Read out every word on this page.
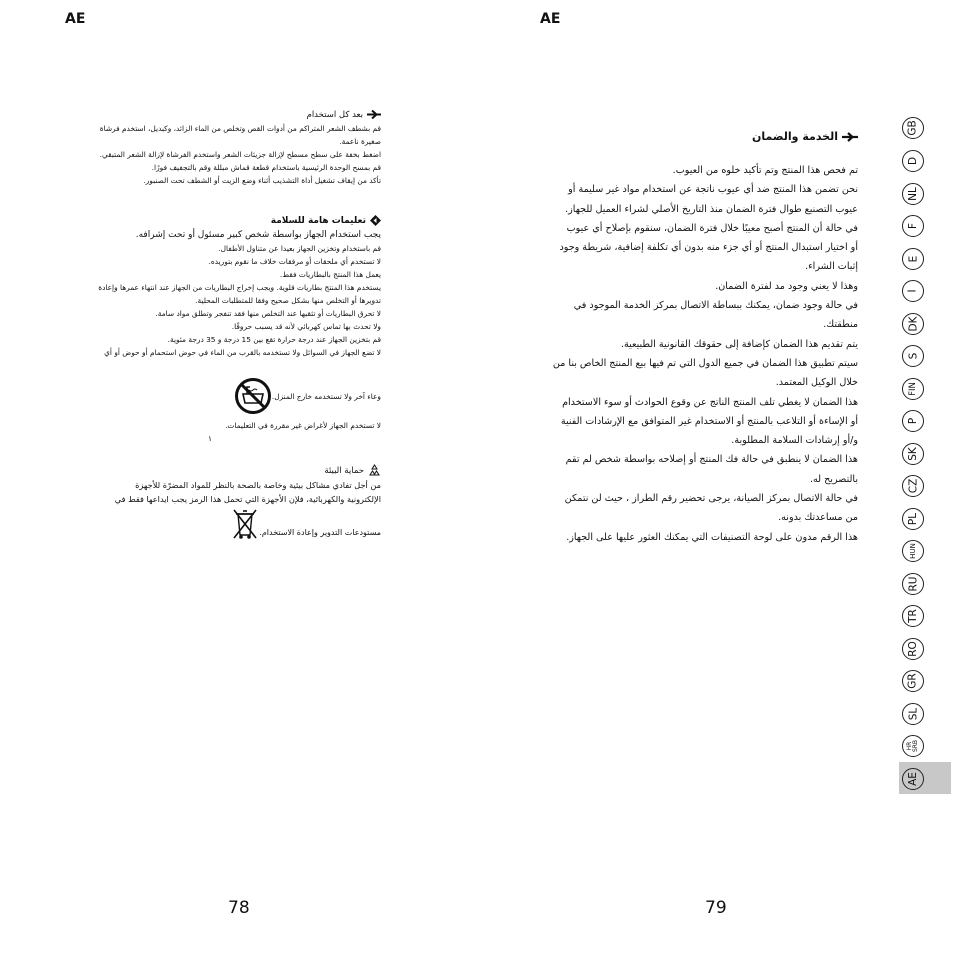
AE
بعد كل استخدام
قم بشطف الشعر المتراكم من أدوات القص وتخلص من الماء الزائد، وكبديل، استخدم فرشاة
صغيرة ناعمة.
اضغط بخفة على سطح مسطح لإزالة جزيئات الشعر واستخدم الفرشاة لإزالة الشعر المتبقي.
قم بمسح الوحدة الرئيسية باستخدام قطعة قماش مبللة وقم بالتجفيف فورًا.
تأكد من إيقاف تشغيل أداة التشذيب أثناء وضع الزيت أو الشطف تحت الصنبور.
تعليمات هامة للسلامة
يجب استخدام الجهاز بواسطة شخص كبير مسئول أو تحت إشرافه.
قم باستخدام وتخزين الجهاز بعيدا عن متناول الأطفال.
لا تستخدم أي ملحقات أو مرفقات خلاف ما نقوم بتوريده.
يعمل هذا المنتج بالبطاريات فقط.
يستخدم هذا المنتج بطاريات قلوية. ويجب إخراج البطاريات من الجهاز عند انتهاء عمرها وإعادة
تدويرها أو التخلص منها بشكل صحيح وفقا للمتطلبات المحلية.
لا تحرق البطاريات أو تثقبها عند التخلص منها فقد تنفجر وتطلق مواد سامة.
ولا تحدث بها تماس كهربائي لأنه قد يسبب حروقًا.
قم بتخزين الجهاز عند درجة حرارة تقع بين 15 درجة و 35 درجة مئوية.
لا تضع الجهاز في السوائل ولا تستخدمه بالقرب من الماء في حوض استحمام أو حوض أو أي
وعاء آخر ولا تستخدمه خارج المنزل.
لا تستخدم الجهاز لأغراض غير مقررة في التعليمات.
١
حماية البيئة
من أجل تفادي مشاكل بيئية وخاصة بالصحة بالنظر للمواد المضرّة للأجهزة
الإلكترونية والكهربائية، فلإن الأجهزة التي تحمل هذا الرمز يجب ايداعها فقط في
مستودعات التدوير وإعادة الاستخدام.
78
AE
الخدمة والضمان
تم فحص هذا المنتج وتم تأكيد خلوه من العيوب.
نحن تضمن هذا المنتج ضد أي عيوب ناتجة عن استخدام مواد غير سليمة أو
عيوب التصنيع طوال فترة الضمان منذ التاريخ الأصلي لشراء العميل للجهاز.
في حالة أن المنتج أصبح معيبًا خلال فترة الضمان، سنقوم بإصلاح أي عيوب
أو اختيار استبدال المنتج أو أي جزء منه بدون أي تكلفة إضافية، شريطة وجود
إثبات الشراء.
وهذا لا يعني وجود مد لفترة الضمان.
في حالة وجود ضمان، يمكنك ببساطة الاتصال بمركز الخدمة الموجود في
منطقتك.
يتم تقديم هذا الضمان كإضافة إلى حقوقك القانونية الطبيعية.
سيتم تطبيق هذا الضمان في جميع الدول التي تم فيها بيع المنتج الخاص بنا من
خلال الوكيل المعتمد.
هذا الضمان لا يغطي تلف المنتج الناتج عن وقوع الحوادث أو سوء الاستخدام
أو الإساءة أو التلاعب بالمنتج أو الاستخدام غير المتوافق مع الإرشادات الفنية
و/أو إرشادات السلامة المطلوبة.
هذا الضمان لا ينطبق في حالة فك المنتج أو إصلاحه بواسطة شخص لم تقم
بالتصريح له.
في حالة الاتصال بمركز الصيانة، يرجى تحضير رقم الطراز ، حيث لن نتمكن
من مساعدتك بدونه.
هذا الرقم مدون على لوحة التصنيفات التي يمكنك العثور عليها على الجهاز.
GB
D
NL
F
E
I
DK
S
FIN
P
SK
CZ
PL
HUN
RU
TR
RO
GR
SL
HR SRB
AE
79
